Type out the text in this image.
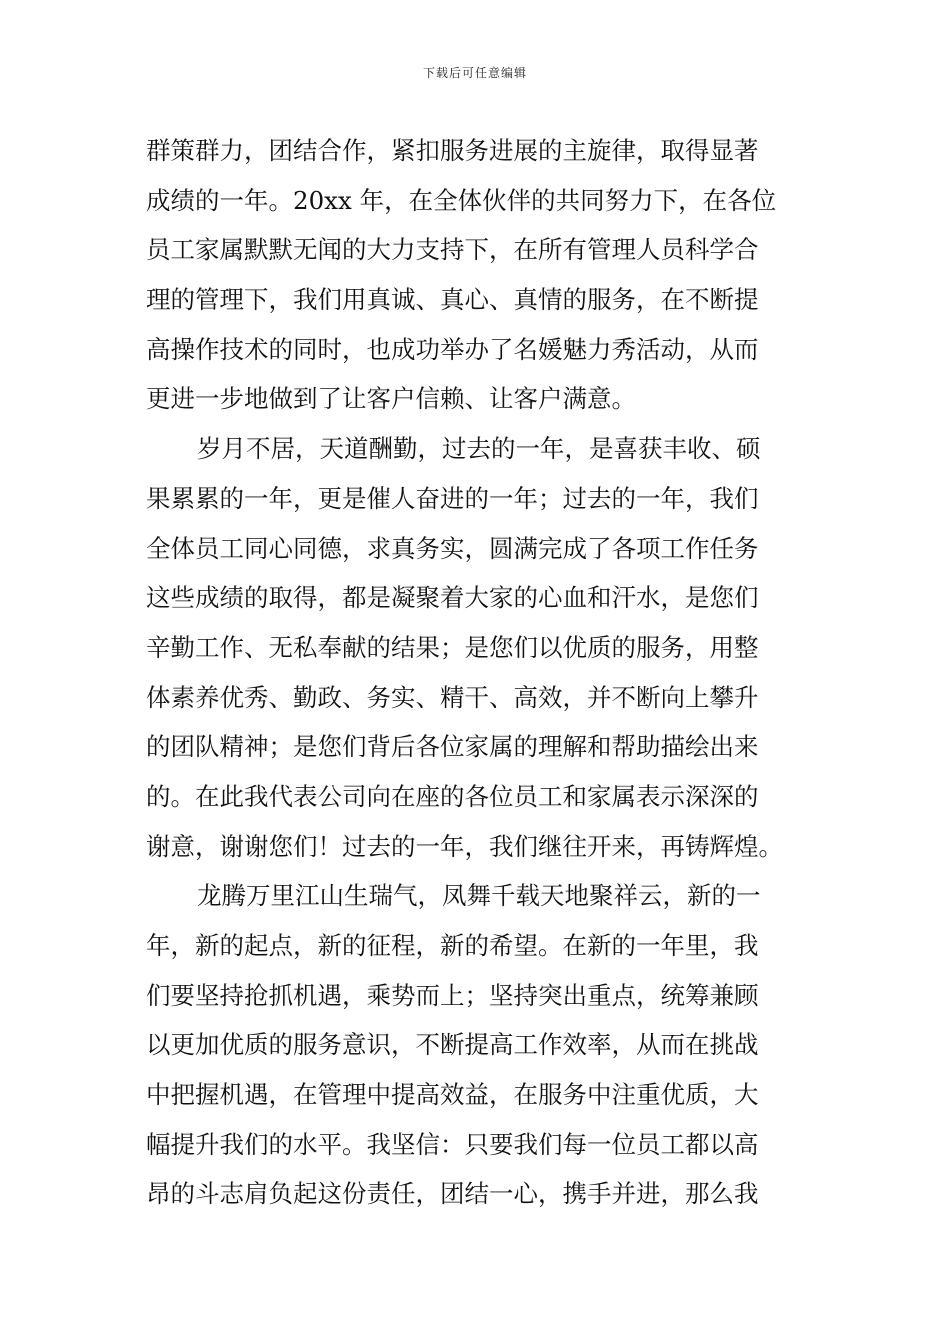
下载后可任意编辑
群策群力，团结合作，紧扣服务进展的主旋律，取得显著
成绩的一年。20xx 年，在全体伙伴的共同努力下，在各位
员工家属默默无闻的大力支持下，在所有管理人员科学合
理的管理下，我们用真诚、真心、真情的服务，在不断提
高操作技术的同时，也成功举办了名媛魅力秀活动，从而
更进一步地做到了让客户信赖、让客户满意。
岁月不居，天道酬勤，过去的一年，是喜获丰收、硕
果累累的一年，更是催人奋进的一年；过去的一年，我们
全体员工同心同德，求真务实，圆满完成了各项工作任务
这些成绩的取得，都是凝聚着大家的心血和汗水，是您们
辛勤工作、无私奉献的结果；是您们以优质的服务，用整
体素养优秀、勤政、务实、精干、高效，并不断向上攀升
的团队精神；是您们背后各位家属的理解和帮助描绘出来
的。在此我代表公司向在座的各位员工和家属表示深深的
谢意，谢谢您们！过去的一年，我们继往开来，再铸辉煌。
龙腾万里江山生瑞气，凤舞千载天地聚祥云，新的一
年，新的起点，新的征程，新的希望。在新的一年里，我
们要坚持抢抓机遇，乘势而上；坚持突出重点，统筹兼顾
以更加优质的服务意识，不断提高工作效率，从而在挑战
中把握机遇，在管理中提高效益，在服务中注重优质，大
幅提升我们的水平。我坚信：只要我们每一位员工都以高
昂的斗志肩负起这份责任，团结一心，携手并进，那么我
